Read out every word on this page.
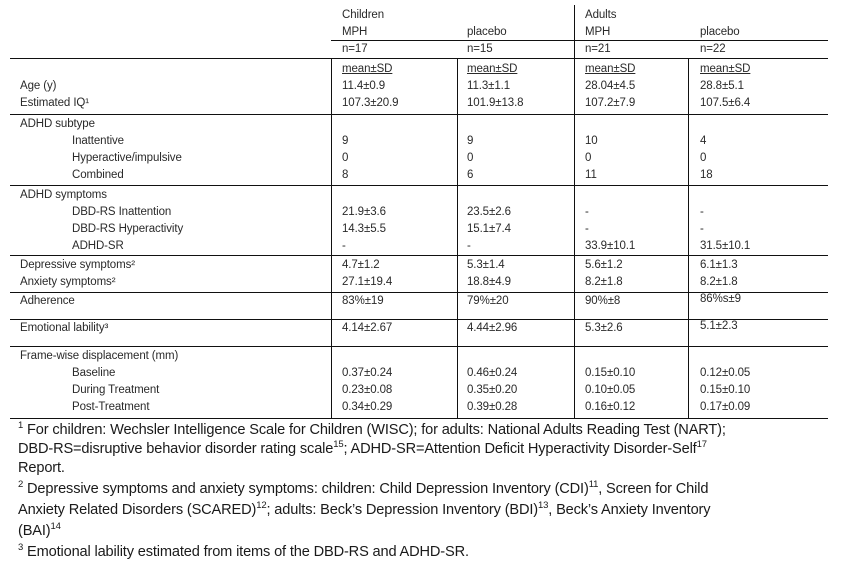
Children	Adults
MPH	placebo	MPH	placebo
n=17	n=15	n=21	n=22
mean±SD	mean±SD	mean±SD	mean±SD
Age (y)	11.4±0.9	11.3±1.1	28.04±4.5	28.8±5.1
Estimated IQ¹	107.3±20.9	101.9±13.8	107.2±7.9	107.5±6.4
ADHD subtype
Inattentive	9	9	10	4
Hyperactive/impulsive	0	0	0	0
Combined	8	6	11	18
ADHD symptoms
DBD-RS Inattention	21.9±3.6	23.5±2.6	-	-
DBD-RS Hyperactivity	14.3±5.5	15.1±7.4	-	-
ADHD-SR	-	-	33.9±10.1	31.5±10.1
Depressive symptoms²	4.7±1.2	5.3±1.4	5.6±1.2	6.1±1.3
Anxiety symptoms²	27.1±19.4	18.8±4.9	8.2±1.8	8.2±1.8
Adherence	83%±19	79%±20	90%±8	86%s±9
Emotional lability³	4.14±2.67	4.44±2.96	5.3±2.6	5.1±2.3
Frame-wise displacement (mm)
Baseline	0.37±0.24	0.46±0.24	0.15±0.10	0.12±0.05
During Treatment	0.23±0.08	0.35±0.20	0.10±0.05	0.15±0.10
Post-Treatment	0.34±0.29	0.39±0.28	0.16±0.12	0.17±0.09
$^1$ For children: Wechsler Intelligence Scale for Children (WISC); for adults: National Adults Reading Test (NART);
DBD-RS=disruptive behavior disorder rating scale$^{15}$; ADHD-SR=Attention Deficit Hyperactivity Disorder-Self$^{17}$
Report.
$^2$ Depressive symptoms and anxiety symptoms: children: Child Depression Inventory (CDI)$^{11}$, Screen for Child
Anxiety Related Disorders (SCARED)$^{12}$; adults: Beck’s Depression Inventory (BDI)$^{13}$, Beck’s Anxiety Inventory
(BAI)$^{14}$
$^3$ Emotional lability estimated from items of the DBD-RS and ADHD-SR.
